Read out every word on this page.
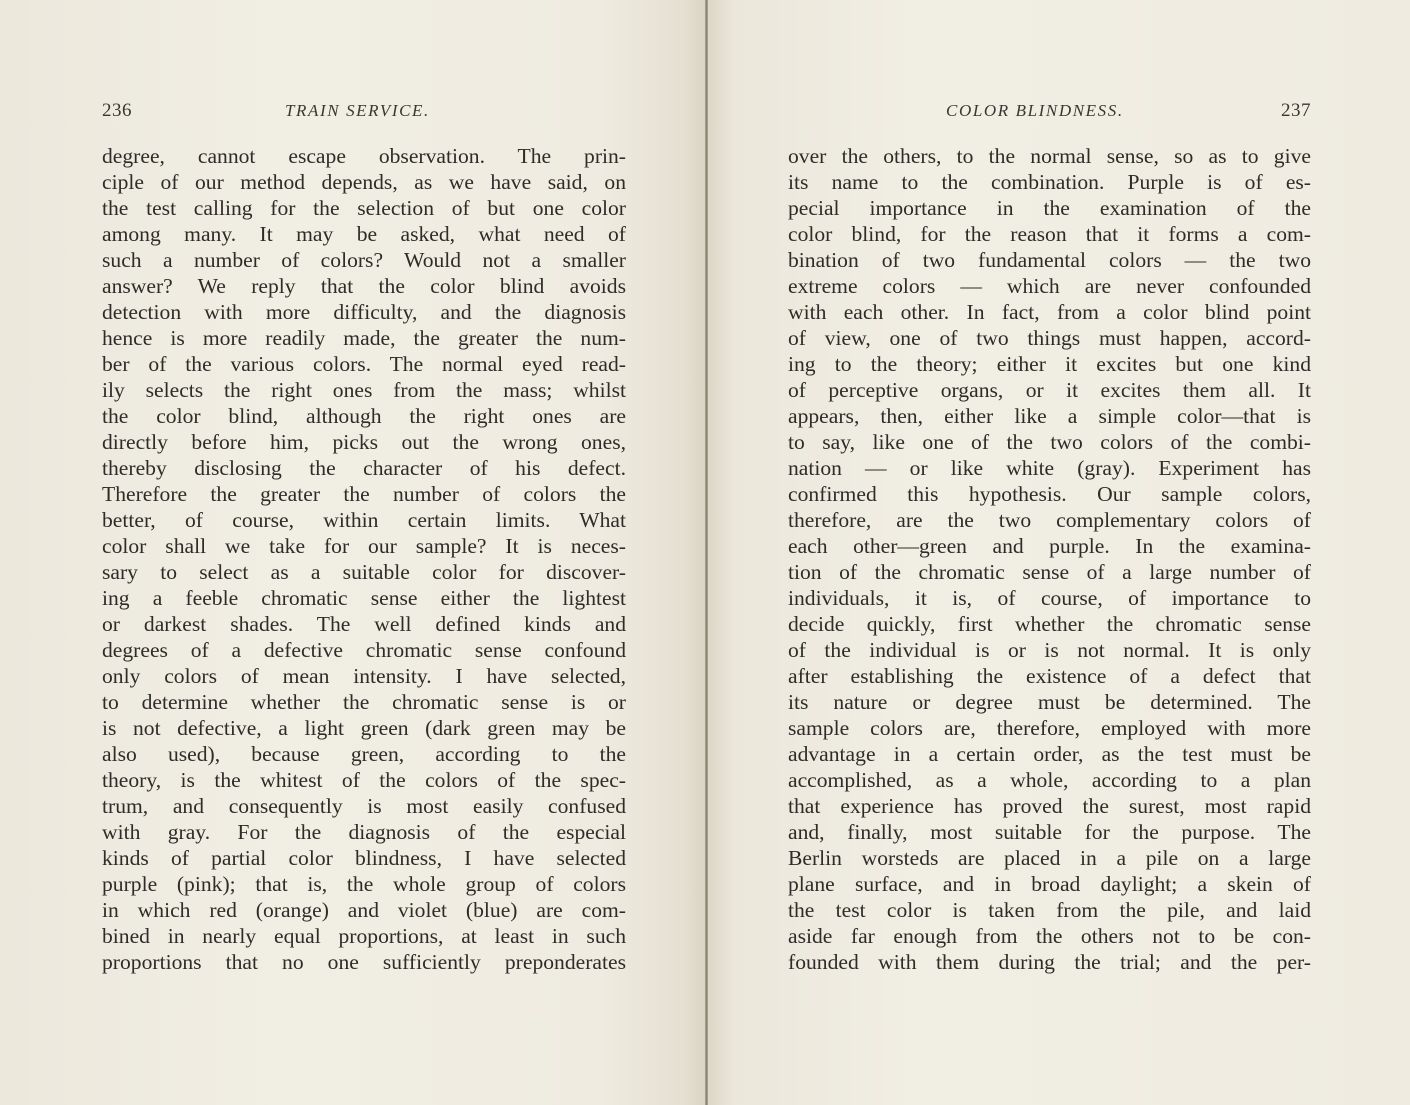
236	TRAIN SERVICE.	COLOR BLINDNESS.	237
degree, cannot escape observation. The prin-
ciple of our method depends, as we have said, on
the test calling for the selection of but one color
among many. It may be asked, what need of
such a number of colors? Would not a smaller
answer? We reply that the color blind avoids
detection with more difficulty, and the diagnosis
hence is more readily made, the greater the num-
ber of the various colors. The normal eyed read-
ily selects the right ones from the mass; whilst
the color blind, although the right ones are
directly before him, picks out the wrong ones,
thereby disclosing the character of his defect.
Therefore the greater the number of colors the
better, of course, within certain limits. What
color shall we take for our sample? It is neces-
sary to select as a suitable color for discover-
ing a feeble chromatic sense either the lightest
or darkest shades. The well defined kinds and
degrees of a defective chromatic sense confound
only colors of mean intensity. I have selected,
to determine whether the chromatic sense is or
is not defective, a light green (dark green may be
also used), because green, according to the
theory, is the whitest of the colors of the spec-
trum, and consequently is most easily confused
with gray. For the diagnosis of the especial
kinds of partial color blindness, I have selected
purple (pink); that is, the whole group of colors
in which red (orange) and violet (blue) are com-
bined in nearly equal proportions, at least in such
proportions that no one sufficiently preponderates
over the others, to the normal sense, so as to give
its name to the combination. Purple is of es-
pecial importance in the examination of the
color blind, for the reason that it forms a com-
bination of two fundamental colors — the two
extreme colors — which are never confounded
with each other. In fact, from a color blind point
of view, one of two things must happen, accord-
ing to the theory; either it excites but one kind
of perceptive organs, or it excites them all. It
appears, then, either like a simple color—that is
to say, like one of the two colors of the combi-
nation — or like white (gray). Experiment has
confirmed this hypothesis. Our sample colors,
therefore, are the two complementary colors of
each other—green and purple. In the examina-
tion of the chromatic sense of a large number of
individuals, it is, of course, of importance to
decide quickly, first whether the chromatic sense
of the individual is or is not normal. It is only
after establishing the existence of a defect that
its nature or degree must be determined. The
sample colors are, therefore, employed with more
advantage in a certain order, as the test must be
accomplished, as a whole, according to a plan
that experience has proved the surest, most rapid
and, finally, most suitable for the purpose. The
Berlin worsteds are placed in a pile on a large
plane surface, and in broad daylight; a skein of
the test color is taken from the pile, and laid
aside far enough from the others not to be con-
founded with them during the trial; and the per-
